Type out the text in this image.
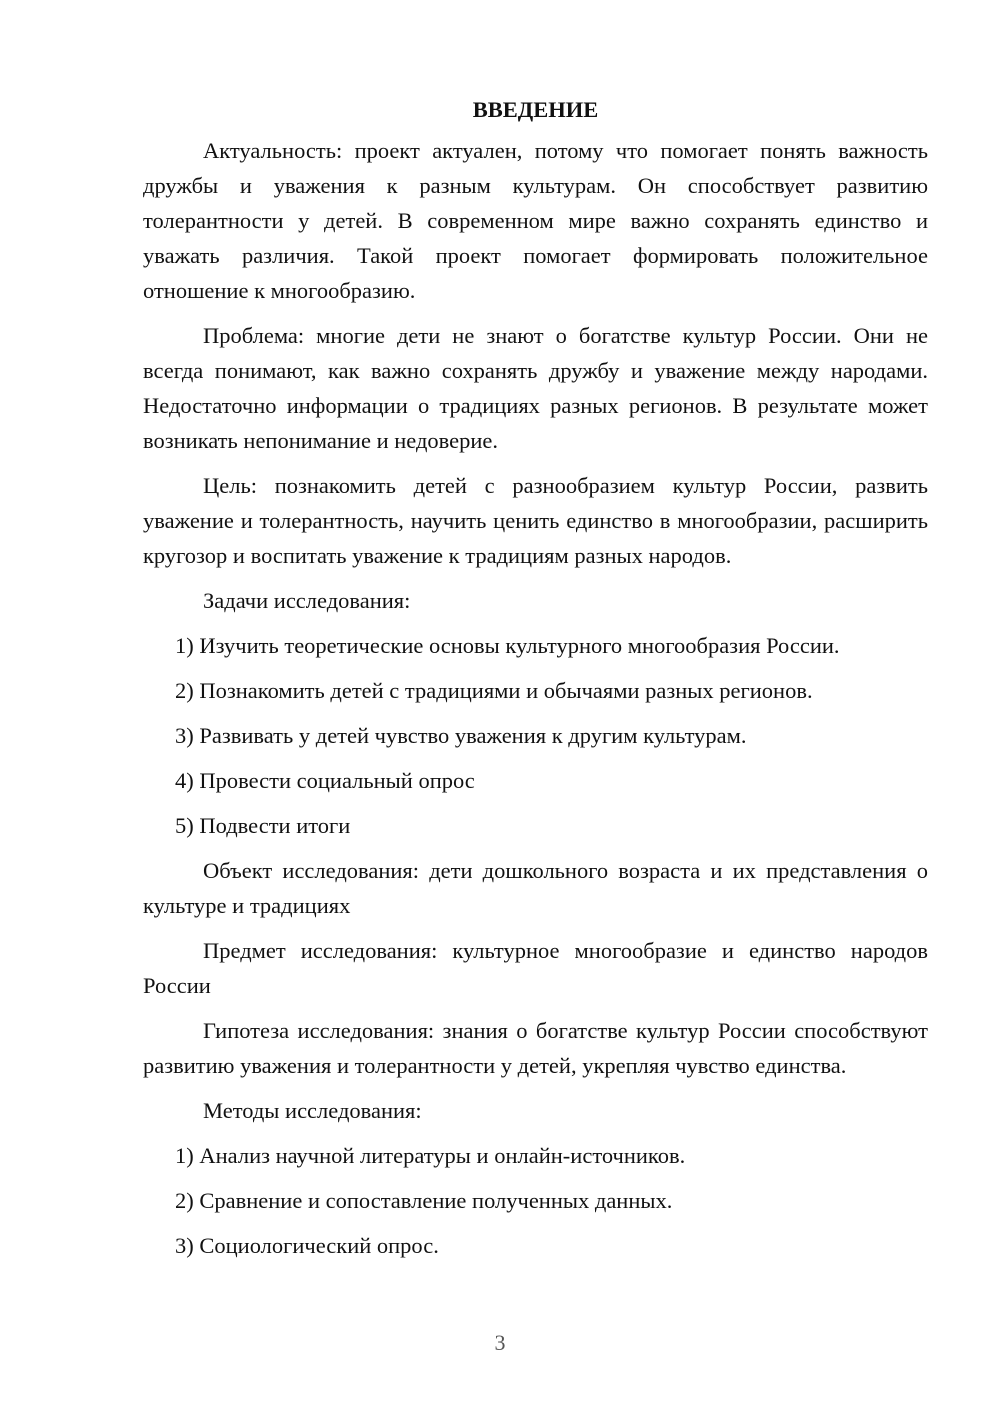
ВВЕДЕНИЕ

Актуальность: проект актуален, потому что помогает понять важность дружбы и уважения к разным культурам. Он способствует развитию толерантности у детей. В современном мире важно сохранять единство и уважать различия. Такой проект помогает формировать положительное отношение к многообразию.

Проблема: многие дети не знают о богатстве культур России. Они не всегда понимают, как важно сохранять дружбу и уважение между народами. Недостаточно информации о традициях разных регионов. В результате может возникать непонимание и недоверие.

Цель: познакомить детей с разнообразием культур России, развить уважение и толерантность, научить ценить единство в многообразии, расширить кругозор и воспитать уважение к традициям разных народов.

Задачи исследования:

1) Изучить теоретические основы культурного многообразия России.
2) Познакомить детей с традициями и обычаями разных регионов.
3) Развивать у детей чувство уважения к другим культурам.
4) Провести социальный опрос
5) Подвести итоги

Объект исследования: дети дошкольного возраста и их представления о культуре и традициях

Предмет исследования: культурное многообразие и единство народов России

Гипотеза исследования: знания о богатстве культур России способствуют развитию уважения и толерантности у детей, укрепляя чувство единства.

Методы исследования:

1) Анализ научной литературы и онлайн-источников.
2) Сравнение и сопоставление полученных данных.
3) Социологический опрос.
3
